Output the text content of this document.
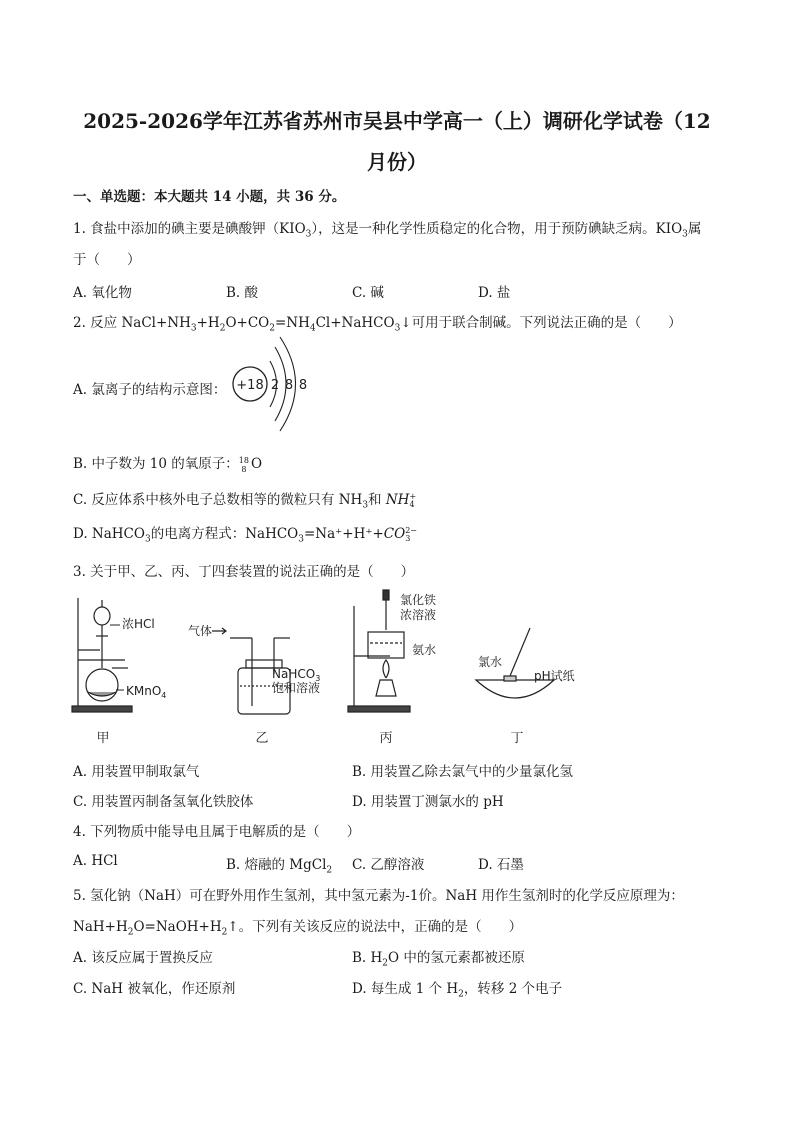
2025-2026学年江苏省苏州市吴县中学高一（上）调研化学试卷（12
月份）
一、单选题：本大题共 14 小题，共 36 分。
1. 食盐中添加的碘主要是碘酸钾$(KIO_3)$，这是一种化学性质稳定的化合物，用于预防碘缺乏病。$KIO_3$属
于（　　）
A. 氧化物	B. 酸	C. 碱	D. 盐
2. 反应 $NaCl+NH_3+H_2O+CO_2=NH_4Cl+NaHCO_3↓$可用于联合制碱。下列说法正确的是（　　）
A. 氯离子的结构示意图： +18 2 8 8
B. 中子数为 10 的氧原子：18
8 O
C. 反应体系中核外电子总数相等的微粒只有 $NH_3$和 NH+
4
D. NaHCO$_3$的电离方程式：NaHCO$_3$=Na⁺+H⁺+CO2−
3
3. 关于甲、乙、丙、丁四套装置的说法正确的是（　　）
浓HCl
KMnO$_4$
甲
气体
NaHCO$_3$
饱和溶液
乙
氯化铁
浓溶液
氨水
丙
氯水
pH试纸
丁
A. 用装置甲制取氯气	B. 用装置乙除去氯气中的少量氯化氢
C. 用装置丙制备氢氧化铁胶体	D. 用装置丁测氯水的 pH
4. 下列物质中能导电且属于电解质的是（　　）
A. HCl	B. 熔融的 MgCl$_2$ C. 乙醇溶液	D. 石墨
5. 氢化钠（NaH）可在野外用作生氢剂，其中氢元素为-1价。NaH 用作生氢剂时的化学反应原理为：
$NaH+H_2O=NaOH+H_2↑$。下列有关该反应的说法中，正确的是（　　）
A. 该反应属于置换反应	B. $H_2O$ 中的氢元素都被还原
C. NaH 被氧化，作还原剂	D. 每生成 1 个 $H_2$，转移 2 个电子
